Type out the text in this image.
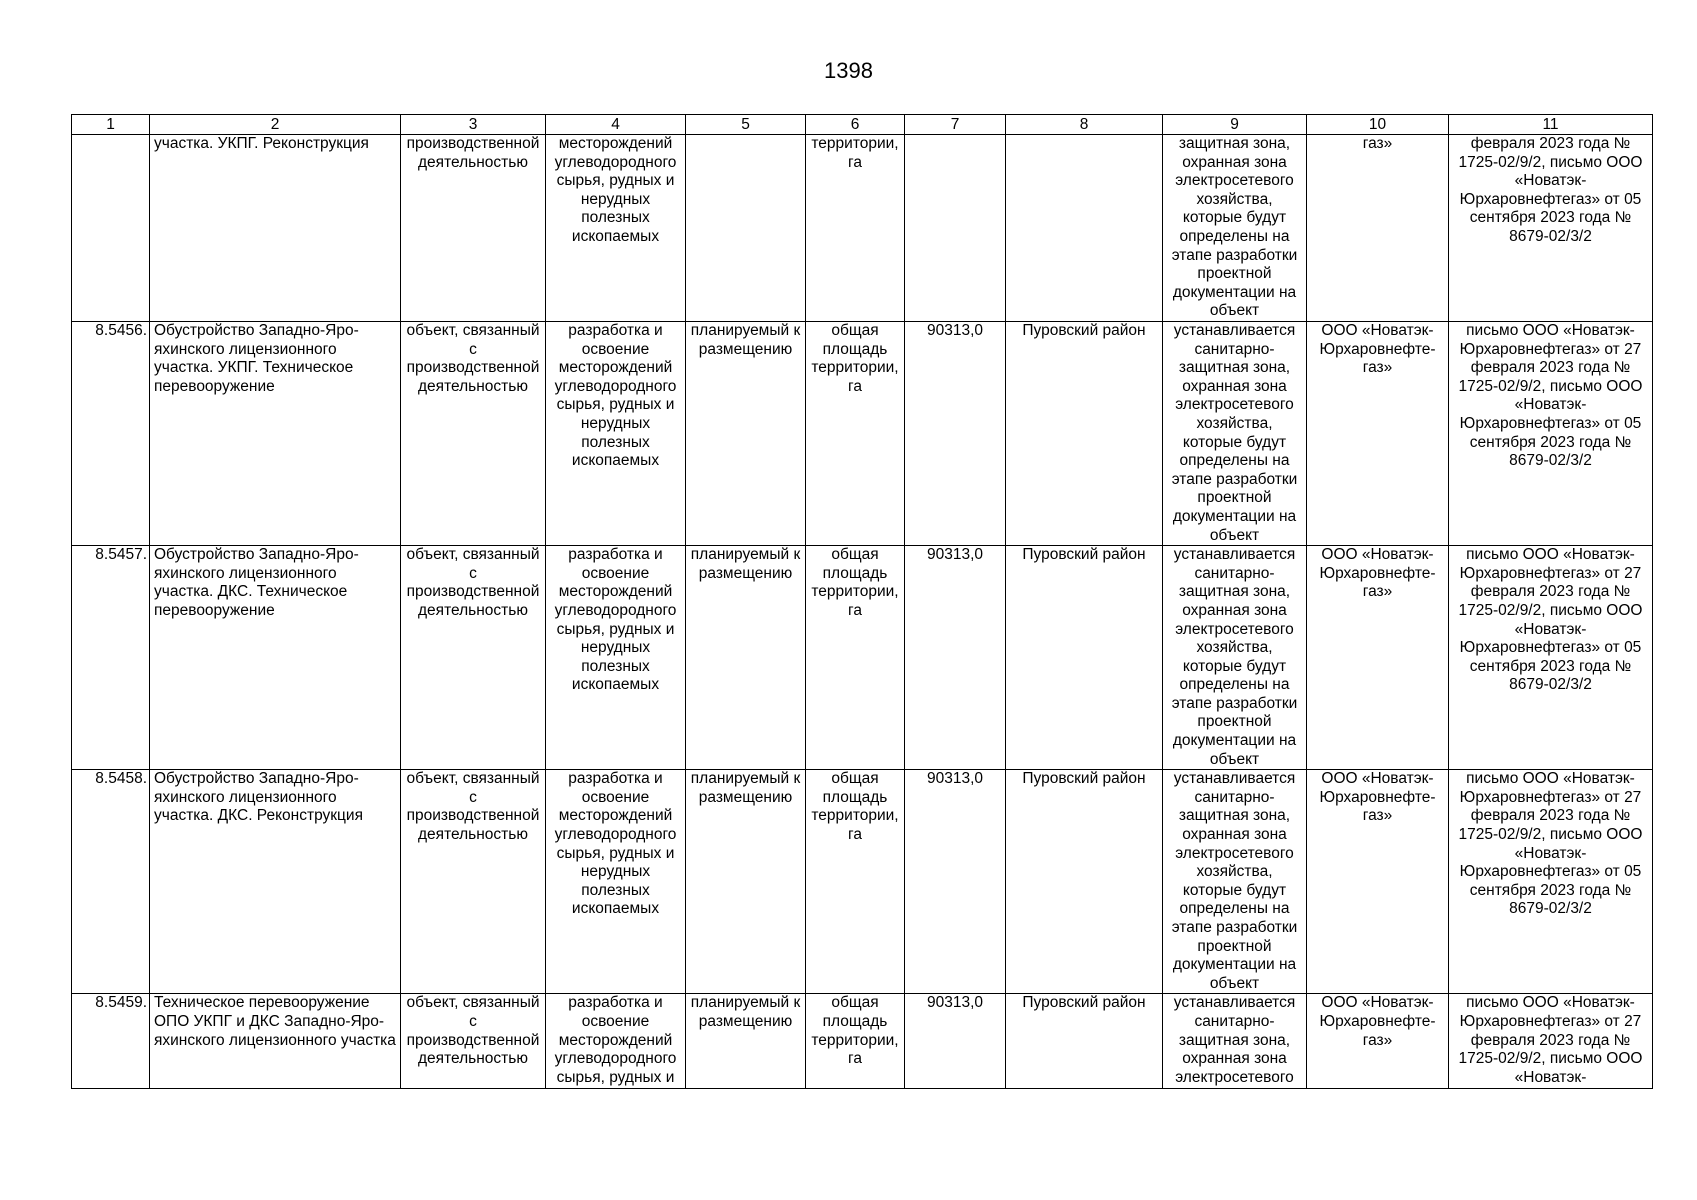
1398
1	2	3	4	5	6	7	8	9	10	11
	участка. УКПГ. Реконструкция	производственной деятельностью	месторождений углеводородного сырья, рудных и нерудных полезных ископаемых		территории, га			защитная зона, охранная зона электросетевого хозяйства, которые будут определены на этапе разработки проектной документации на объект	газ»	февраля 2023 года № 1725-02/9/2, письмо ООО «Новатэк-Юрхаровнефтегаз» от 05 сентября 2023 года № 8679-02/3/2
8.5456.	Обустройство Западно-Ярояхинского лицензионного участка. УКПГ. Техническое перевооружение	объект, связанный с производственной деятельностью	разработка и освоение месторождений углеводородного сырья, рудных и нерудных полезных ископаемых	планируемый к размещению	общая площадь территории, га	90313,0	Пуровский район	устанавливается санитарно-защитная зона, охранная зона электросетевого хозяйства, которые будут определены на этапе разработки проектной документации на объект	ООО «Новатэк-Юрхаровнефте-газ»	письмо ООО «Новатэк-Юрхаровнефтегаз» от 27 февраля 2023 года № 1725-02/9/2, письмо ООО «Новатэк-Юрхаровнефтегаз» от 05 сентября 2023 года № 8679-02/3/2
8.5457.	Обустройство Западно-Ярояхинского лицензионного участка. ДКС. Техническое перевооружение	объект, связанный с производственной деятельностью	разработка и освоение месторождений углеводородного сырья, рудных и нерудных полезных ископаемых	планируемый к размещению	общая площадь территории, га	90313,0	Пуровский район	устанавливается санитарно-защитная зона, охранная зона электросетевого хозяйства, которые будут определены на этапе разработки проектной документации на объект	ООО «Новатэк-Юрхаровнефте-газ»	письмо ООО «Новатэк-Юрхаровнефтегаз» от 27 февраля 2023 года № 1725-02/9/2, письмо ООО «Новатэк-Юрхаровнефтегаз» от 05 сентября 2023 года № 8679-02/3/2
8.5458.	Обустройство Западно-Ярояхинского лицензионного участка. ДКС. Реконструкция	объект, связанный с производственной деятельностью	разработка и освоение месторождений углеводородного сырья, рудных и нерудных полезных ископаемых	планируемый к размещению	общая площадь территории, га	90313,0	Пуровский район	устанавливается санитарно-защитная зона, охранная зона электросетевого хозяйства, которые будут определены на этапе разработки проектной документации на объект	ООО «Новатэк-Юрхаровнефте-газ»	письмо ООО «Новатэк-Юрхаровнефтегаз» от 27 февраля 2023 года № 1725-02/9/2, письмо ООО «Новатэк-Юрхаровнефтегаз» от 05 сентября 2023 года № 8679-02/3/2
8.5459.	Техническое перевооружение ОПО УКПГ и ДКС Западно-Ярояхинского лицензионного участка	объект, связанный с производственной деятельностью	разработка и освоение месторождений углеводородного сырья, рудных и	планируемый к размещению	общая площадь территории, га	90313,0	Пуровский район	устанавливается санитарно-защитная зона, охранная зона электросетевого	ООО «Новатэк-Юрхаровнефте-газ»	письмо ООО «Новатэк-Юрхаровнефтегаз» от 27 февраля 2023 года № 1725-02/9/2, письмо ООО «Новатэк-
